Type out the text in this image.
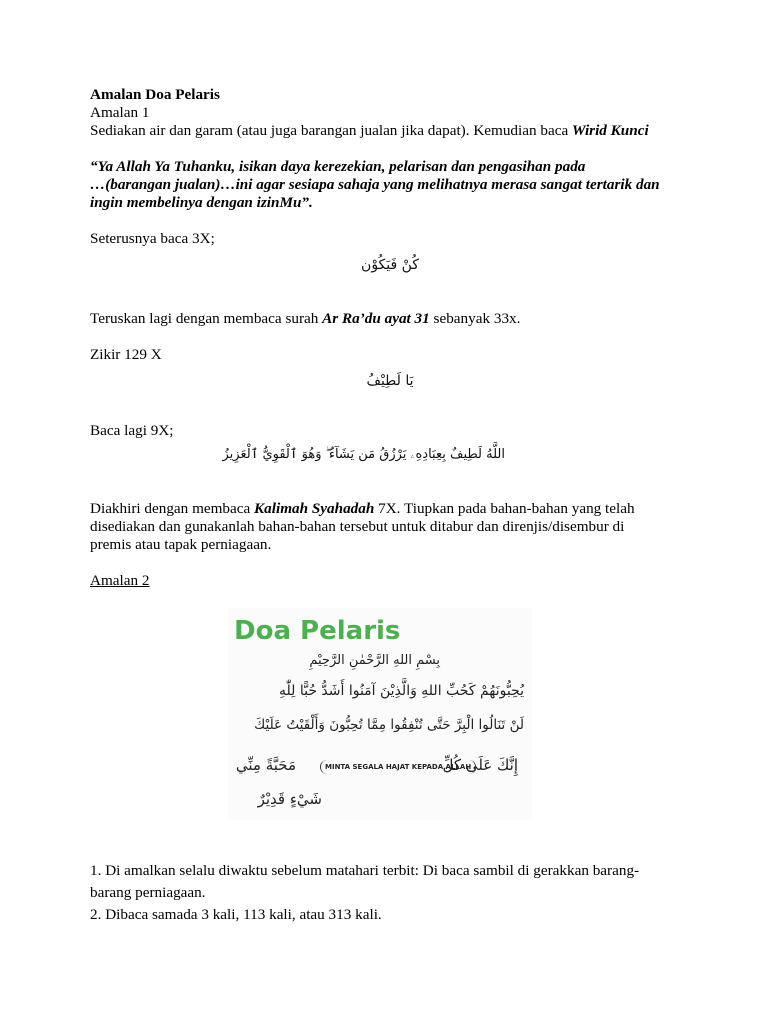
Amalan Doa Pelaris
Amalan 1
Sediakan air dan garam (atau juga barangan jualan jika dapat). Kemudian baca Wirid Kunci
“Ya Allah Ya Tuhanku, isikan daya kerezekian, pelarisan dan pengasihan pada
…(barangan jualan)…ini agar sesiapa sahaja yang melihatnya merasa sangat tertarik dan
ingin membelinya dengan izinMu”.
Seterusnya baca 3X;
كُنْ فَيَكُوْن
Teruskan lagi dengan membaca surah Ar Ra’du ayat 31 sebanyak 33x.
Zikir 129 X
يَا لَطِيْفُ
Baca lagi 9X;
اللَّهُ لَطِيفٌ بِعِبَادِهِۦ يَرْزُقُ مَن يَشَآءُ ۖ وَهُوَ ٱلْقَوِيُّ ٱلْعَزِيزُ
Diakhiri dengan membaca Kalimah Syahadah 7X. Tiupkan pada bahan-bahan yang telah
disediakan dan gunakanlah bahan-bahan tersebut untuk ditabur dan direnjis/disembur di
premis atau tapak perniagaan.
Amalan 2
Doa Pelaris
بِسْمِ اللهِ الرَّحْمٰنِ الرَّحِيْمِ
يُحِبُّونَهُمْ كَحُبِّ اللهِ وَالَّذِيْنَ آمَنُوا أَشَدُّ حُبًّا لِلّٰهِ
لَنْ تَنَالُوا الْبِرَّ حَتَّى تُنْفِقُوا مِمَّا تُحِبُّونَ وَأَلْقَيْتُ عَلَيْكَ
مَحَبَّةً مِنِّي	MINTA SEGALA HAJAT KEPADA ALLAH
إِنَّكَ عَلَى كُلِّ
شَيْءٍ قَدِيْرٌ
1. Di amalkan selalu diwaktu sebelum matahari terbit: Di baca sambil di gerakkan barang-
barang perniagaan.
2. Dibaca samada 3 kali, 113 kali, atau 313 kali.
